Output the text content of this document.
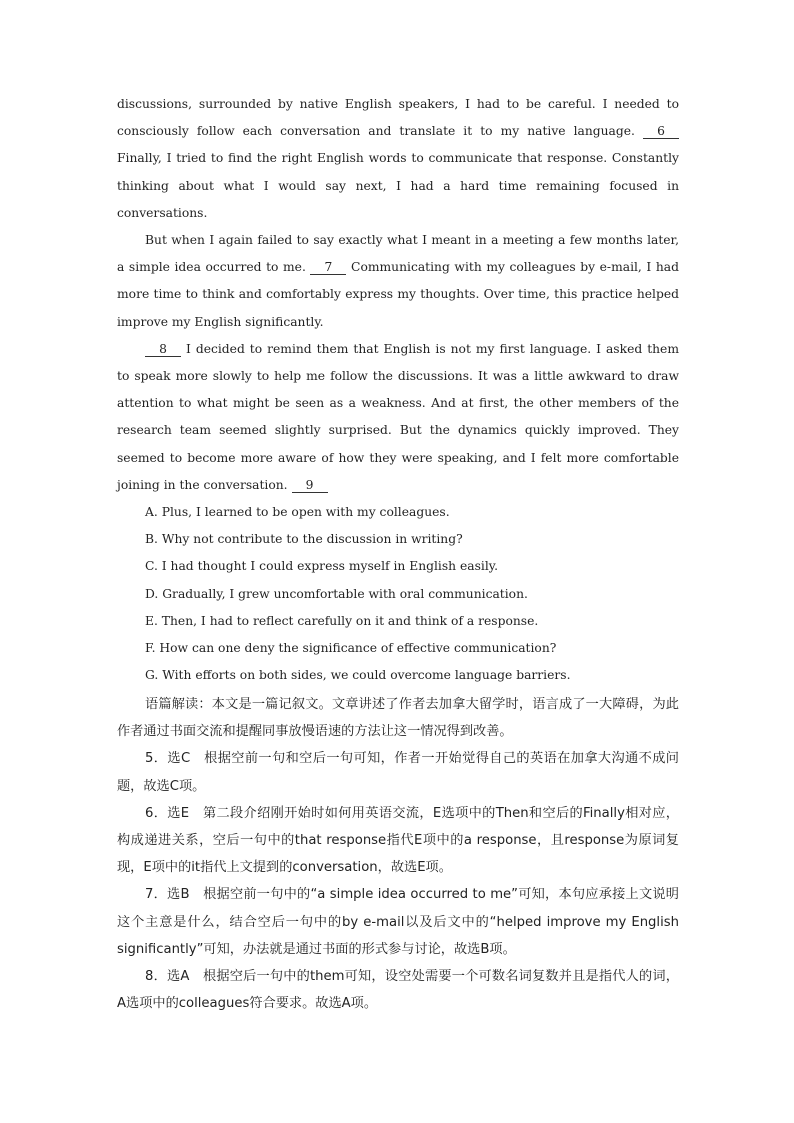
discussions, surrounded by native English speakers, I had to be careful. I needed to consciously follow each conversation and translate it to my native language. 6 Finally, I tried to find the right English words to communicate that response. Constantly thinking about what I would say next, I had a hard time remaining focused in conversations.

But when I again failed to say exactly what I meant in a meeting a few months later, a simple idea occurred to me. 7 Communicating with my colleagues by e-mail, I had more time to think and comfortably express my thoughts. Over time, this practice helped improve my English significantly.

8 I decided to remind them that English is not my first language. I asked them to speak more slowly to help me follow the discussions. It was a little awkward to draw attention to what might be seen as a weakness. And at first, the other members of the research team seemed slightly surprised. But the dynamics quickly improved. They seemed to become more aware of how they were speaking, and I felt more comfortable joining in the conversation. 9

A. Plus, I learned to be open with my colleagues.
B. Why not contribute to the discussion in writing?
C. I had thought I could express myself in English easily.
D. Gradually, I grew uncomfortable with oral communication.
E. Then, I had to reflect carefully on it and think of a response.
F. How can one deny the significance of effective communication?
G. With efforts on both sides, we could overcome language barriers.

语篇解读：本文是一篇记叙文。文章讲述了作者去加拿大留学时，语言成了一大障碍，为此作者通过书面交流和提醒同事放慢语速的方法让这一情况得到改善。

5．选C　根据空前一句和空后一句可知，作者一开始觉得自己的英语在加拿大沟通不成问题，故选C项。

6．选E　第二段介绍刚开始时如何用英语交流，E选项中的Then和空后的Finally相对应，构成递进关系，空后一句中的that response指代E项中的a response，且response为原词复现，E项中的it指代上文提到的conversation，故选E项。

7．选B　根据空前一句中的“a simple idea occurred to me”可知，本句应承接上文说明这个主意是什么，结合空后一句中的by e-mail以及后文中的“helped improve my English significantly”可知，办法就是通过书面的形式参与讨论，故选B项。

8．选A　根据空后一句中的them可知，设空处需要一个可数名词复数并且是指代人的词，A选项中的colleagues符合要求。故选A项。
